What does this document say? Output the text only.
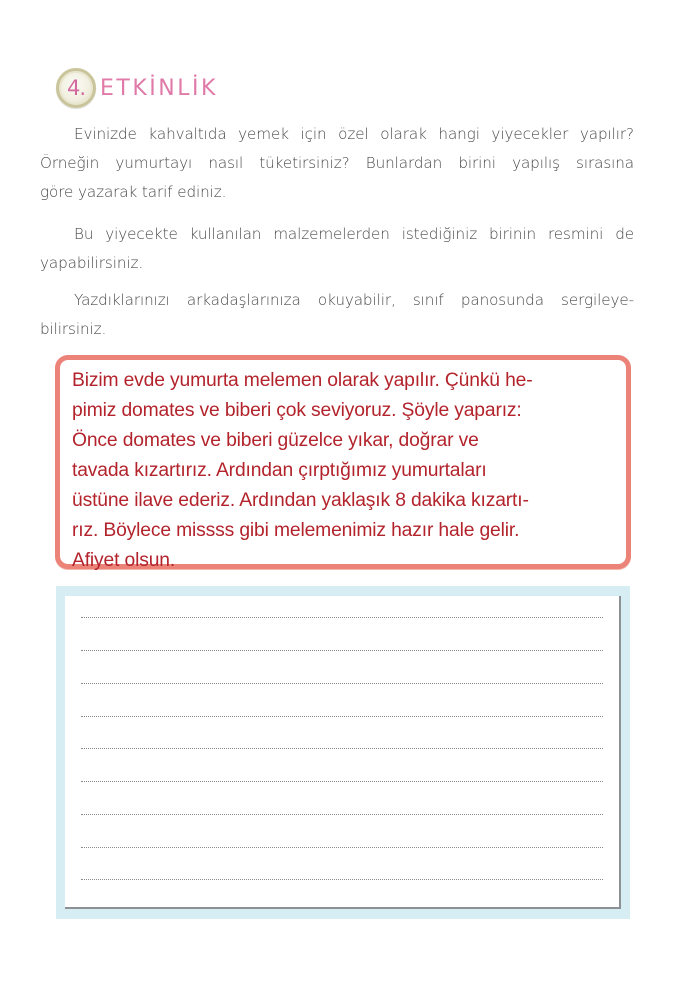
4. ETKİNLİK
Evinizde kahvaltıda yemek için özel olarak hangi yiyecekler yapılır?
Örneğin yumurtayı nasıl tüketirsiniz? Bunlardan birini yapılış sırasına
göre yazarak tarif ediniz.
Bu yiyecekte kullanılan malzemelerden istediğiniz birinin resmini de
yapabilirsiniz.
Yazdıklarınızı arkadaşlarınıza okuyabilir, sınıf panosunda sergileye-
bilirsiniz.
Bizim evde yumurta melemen olarak yapılır. Çünkü he-
pimiz domates ve biberi çok seviyoruz. Şöyle yaparız:
Önce domates ve biberi güzelce yıkar, doğrar ve
tavada kızartırız. Ardından çırptığımız yumurtaları
üstüne ilave ederiz. Ardından yaklaşık 8 dakika kızartı-
rız. Böylece missss gibi melemenimiz hazır hale gelir.
Afiyet olsun.
